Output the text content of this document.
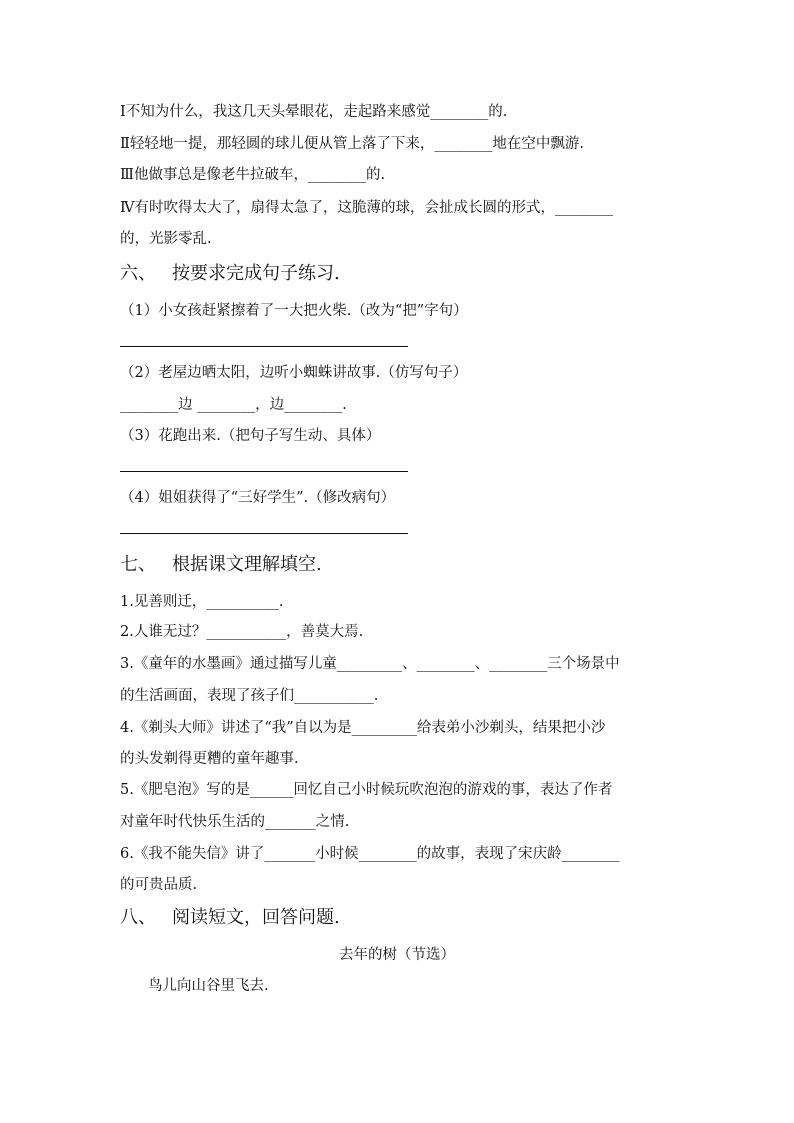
Ⅰ不知为什么，我这几天头晕眼花，走起路来感觉________的.
Ⅱ轻轻地一提，那轻圆的球儿便从管上落了下来，________地在空中飘游.
Ⅲ他做事总是像老牛拉破车，________的.
Ⅳ有时吹得太大了，扇得太急了，这脆薄的球，会扯成长圆的形式，________
的，光影零乱.
六、 按要求完成句子练习.
（1）小女孩赶紧擦着了一大把火柴.（改为“把”字句）
（2）老屋边晒太阳，边听小蜘蛛讲故事.（仿写句子）
________边 ________，边________.
（3）花跑出来.（把句子写生动、具体）
（4）姐姐获得了“三好学生”.（修改病句）
七、 根据课文理解填空.
1.见善则迁，__________.
2.人谁无过？___________，善莫大焉.
3.《童年的水墨画》通过描写儿童_________、________、________三个场景中
的生活画面，表现了孩子们___________.
4.《剃头大师》讲述了“我”自以为是_________给表弟小沙剃头，结果把小沙
的头发剃得更糟的童年趣事.
5.《肥皂泡》写的是______回忆自己小时候玩吹泡泡的游戏的事，表达了作者
对童年时代快乐生活的_______之情.
6.《我不能失信》讲了_______小时候________的故事，表现了宋庆龄________
的可贵品质.
八、 阅读短文，回答问题.
去年的树（节选）
鸟儿向山谷里飞去.
